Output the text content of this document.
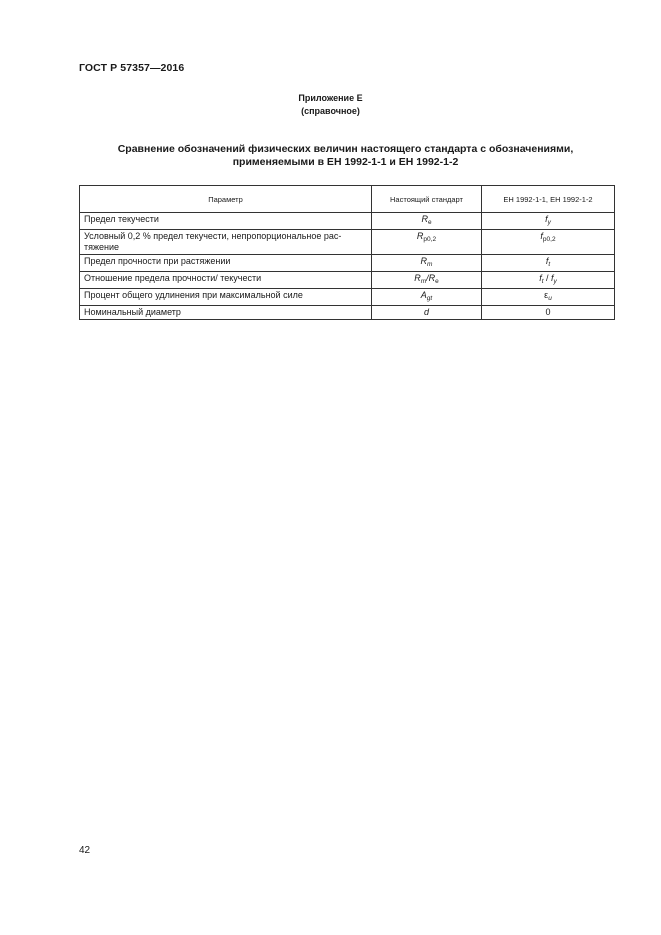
ГОСТ Р 57357—2016
Приложение Е
(справочное)
Сравнение обозначений физических величин настоящего стандарта с обозначениями,
применяемыми в ЕН 1992-1-1 и ЕН 1992-1-2
Параметр	Настоящий стандарт	ЕН 1992-1-1, ЕН 1992-1-2
Предел текучести	$R_e$	$f_y$
Условный 0,2 % предел текучести, непропорциональное рас-тяжение	$R_{p0,2}$	$f_{p0,2}$
Предел прочности при растяжении	$R_m$	$f_t$
Отношение предела прочности/ текучести	$R_m/R_e$	$f_t / f_y$
Процент общего удлинения при максимальной силе	$A_{gt}$	$\varepsilon_u$
Номинальный диаметр	d	0
42
